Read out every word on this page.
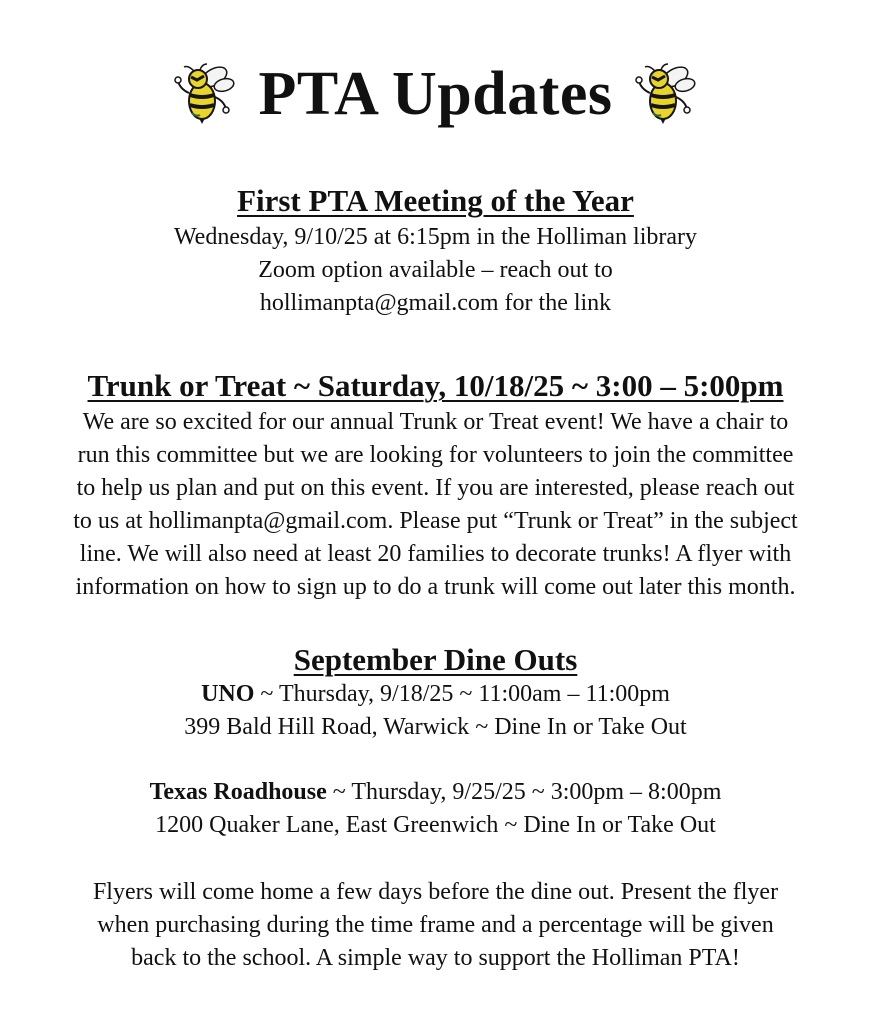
PTA Updates
First PTA Meeting of the Year
Wednesday, 9/10/25 at 6:15pm in the Holliman library
Zoom option available – reach out to
hollimanpta@gmail.com for the link
Trunk or Treat ~ Saturday, 10/18/25 ~ 3:00 – 5:00pm
We are so excited for our annual Trunk or Treat event! We have a chair to
run this committee but we are looking for volunteers to join the committee
to help us plan and put on this event. If you are interested, please reach out
to us at hollimanpta@gmail.com. Please put “Trunk or Treat” in the subject
line. We will also need at least 20 families to decorate trunks! A flyer with
information on how to sign up to do a trunk will come out later this month.
September Dine Outs
UNO ~ Thursday, 9/18/25 ~ 11:00am – 11:00pm
399 Bald Hill Road, Warwick ~ Dine In or Take Out
Texas Roadhouse ~ Thursday, 9/25/25 ~ 3:00pm – 8:00pm
1200 Quaker Lane, East Greenwich ~ Dine In or Take Out
Flyers will come home a few days before the dine out. Present the flyer
when purchasing during the time frame and a percentage will be given
back to the school. A simple way to support the Holliman PTA!
